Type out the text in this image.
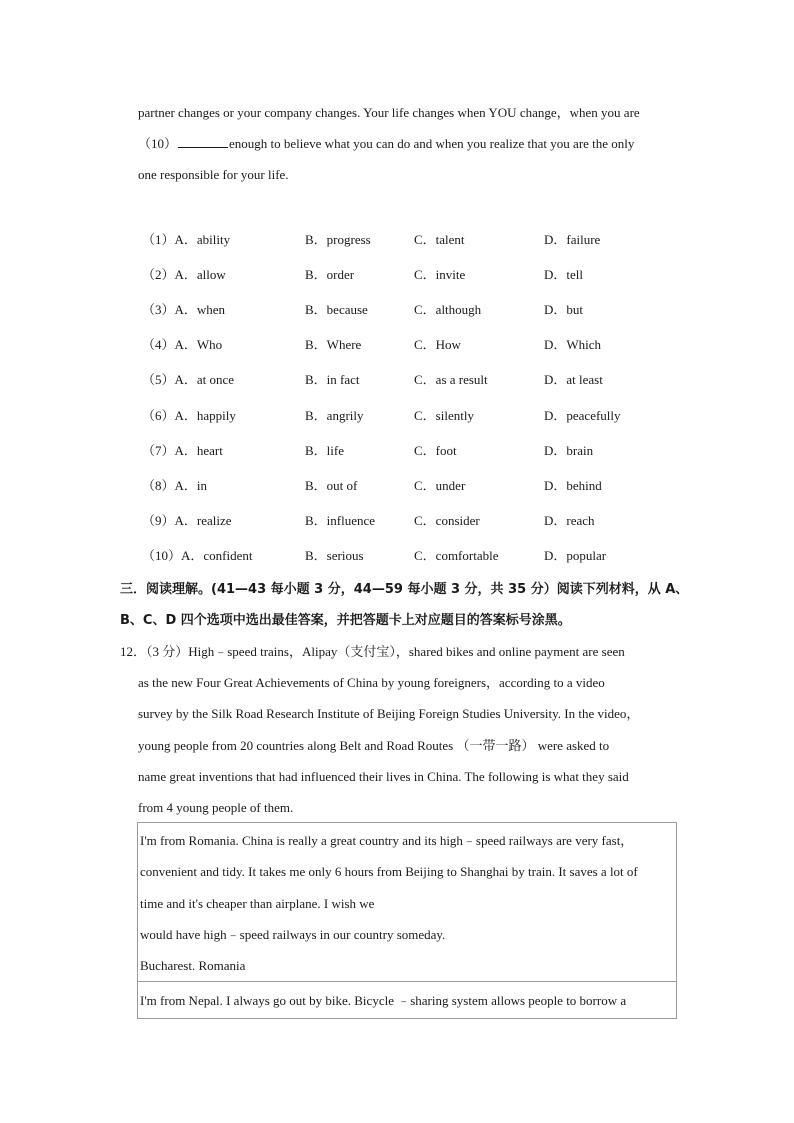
partner changes or your company changes. Your life changes when YOU change，when you are
（10）	enough to believe what you can do and when you realize that you are the only
one responsible for your life.
（1）A．ability	B．progress	C．talent	D．failure
（2）A．allow	B．order	C．invite	D．tell
（3）A．when	B．because	C．although	D．but
（4）A．Who	B．Where	C．How	D．Which
（5）A．at once	B．in fact	C．as a result	D．at least
（6）A．happily	B．angrily	C．silently	D．peacefully
（7）A．heart	B．life	C．foot	D．brain
（8）A．in	B．out of	C．under	D．behind
（9）A．realize	B．influence	C．consider	D．reach
（10）A．confident	B．serious	C．comfortable	D．popular
三．阅读理解。(41—43 每小题 3 分，44—59 每小题 3 分，共 35 分）阅读下列材料，从 A、
B、C、D 四个选项中选出最佳答案，并把答题卡上对应题目的答案标号涂黑。
12．（3 分）High﹣speed trains，Alipay（支付宝），shared bikes and online payment are seen
as the new Four Great Achievements of China by young foreigners，according to a video
survey by the Silk Road Research Institute of Beijing Foreign Studies University. In the video，
young people from 20 countries along Belt and Road Routes （一带一路） were asked to
name great inventions that had influenced their lives in China. The following is what they said
from 4 young people of them.
I'm from Romania. China is really a great country and its high﹣speed railways are very fast，
convenient and tidy. It takes me only 6 hours from Beijing to Shanghai by train. It saves a lot of
time and it's cheaper than airplane. I wish we
would have high﹣speed railways in our country someday.
Bucharest. Romania
I'm from Nepal. I always go out by bike. Bicycle ﹣sharing system allows people to borrow a
